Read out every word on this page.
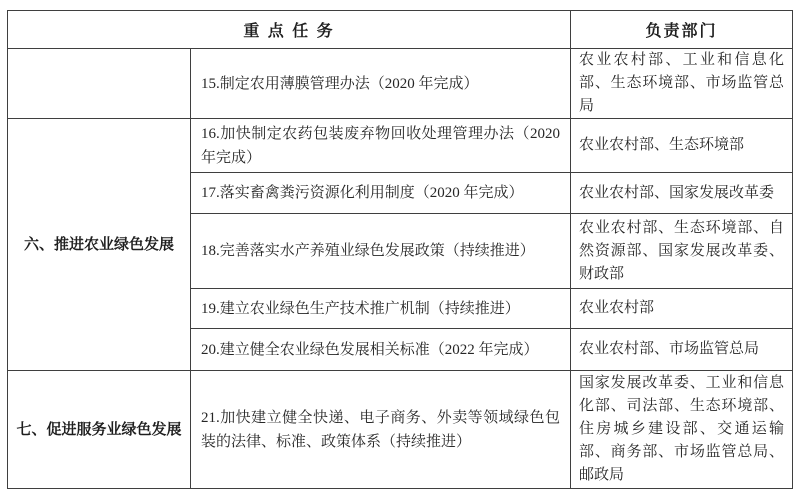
重 点 任 务		负责部门
	15.制定农用薄膜管理办法（2020 年完成）	农业农村部、工业和信息化部、生态环境部、市场监管总局
六、推进农业绿色发展	16.加快制定农药包装废弃物回收处理管理办法（2020 年完成）	农业农村部、生态环境部
	17.落实畜禽粪污资源化利用制度（2020 年完成）	农业农村部、国家发展改革委
	18.完善落实水产养殖业绿色发展政策（持续推进）	农业农村部、生态环境部、自然资源部、国家发展改革委、财政部
	19.建立农业绿色生产技术推广机制（持续推进）	农业农村部
	20.建立健全农业绿色发展相关标准（2022 年完成）	农业农村部、市场监管总局
七、促进服务业绿色发展	21.加快建立健全快递、电子商务、外卖等领域绿色包装的法律、标准、政策体系（持续推进）	国家发展改革委、工业和信息化部、司法部、生态环境部、住房城乡建设部、交通运输部、商务部、市场监管总局、邮政局
